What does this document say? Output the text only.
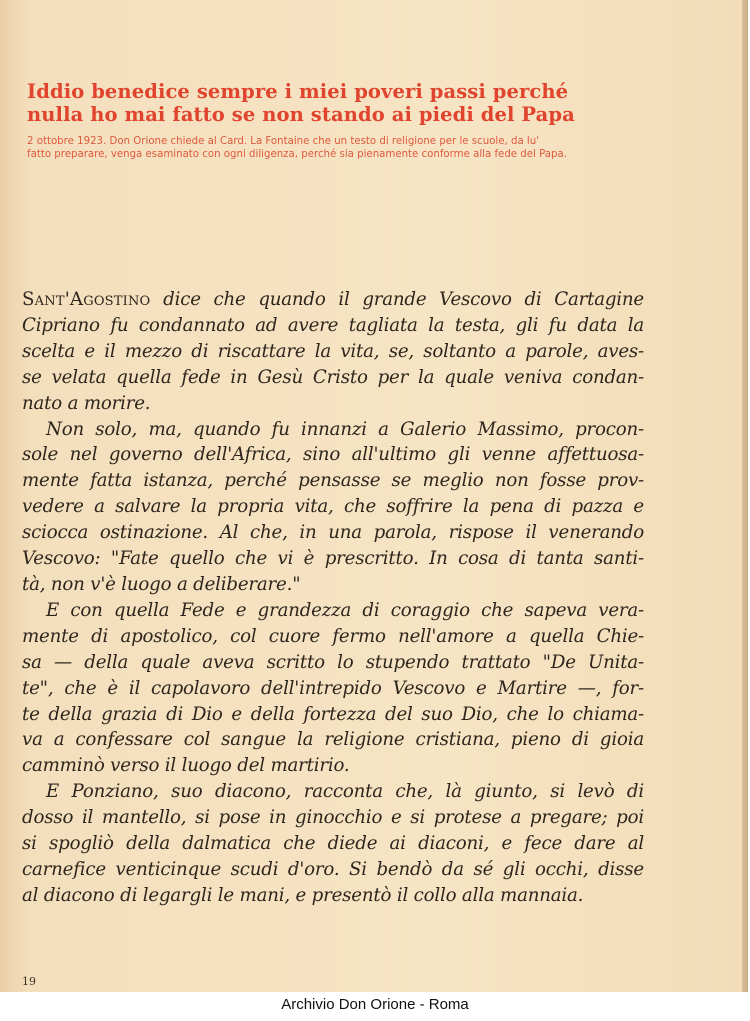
Iddio benedice sempre i miei poveri passi perché
nulla ho mai fatto se non stando ai piedi del Papa
2 ottobre 1923. Don Orione chiede al Card. La Fontaine che un testo di religione per le scuole, da lu'
fatto preparare, venga esaminato con ogni diligenza, perché sia pienamente conforme alla fede del Papa.
Sant'Agostino dice che quando il grande Vescovo di Cartagine
Cipriano fu condannato ad avere tagliata la testa, gli fu data la
scelta e il mezzo di riscattare la vita, se, soltanto a parole, aves-
se velata quella fede in Gesù Cristo per la quale veniva condan-
nato a morire.
Non solo, ma, quando fu innanzi a Galerio Massimo, procon-
sole nel governo dell'Africa, sino all'ultimo gli venne affettuosa-
mente fatta istanza, perché pensasse se meglio non fosse prov-
vedere a salvare la propria vita, che soffrire la pena di pazza e
sciocca ostinazione. Al che, in una parola, rispose il venerando
Vescovo: "Fate quello che vi è prescritto. In cosa di tanta santi-
tà, non v'è luogo a deliberare."
E con quella Fede e grandezza di coraggio che sapeva vera-
mente di apostolico, col cuore fermo nell'amore a quella Chie-
sa — della quale aveva scritto lo stupendo trattato "De Unita-
te", che è il capolavoro dell'intrepido Vescovo e Martire —, for-
te della grazia di Dio e della fortezza del suo Dio, che lo chiama-
va a confessare col sangue la religione cristiana, pieno di gioia
camminò verso il luogo del martirio.
E Ponziano, suo diacono, racconta che, là giunto, si levò di
dosso il mantello, si pose in ginocchio e si protese a pregare; poi
si spogliò della dalmatica che diede ai diaconi, e fece dare al
carnefice venticinque scudi d'oro. Si bendò da sé gli occhi, disse
al diacono di legargli le mani, e presentò il collo alla mannaia.
19
Archivio Don Orione - Roma
